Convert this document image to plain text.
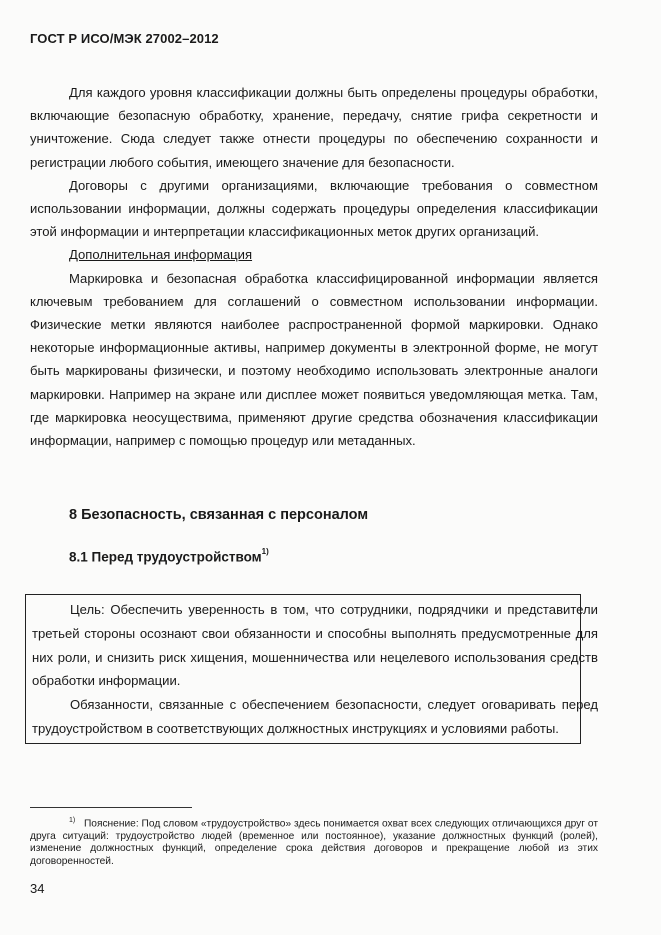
ГОСТ Р ИСО/МЭК 27002–2012

Для каждого уровня классификации должны быть определены процедуры обработки, включающие безопасную обработку, хранение, передачу, снятие грифа секретности и уничтожение. Сюда следует также отнести процедуры по обеспечению сохранности и регистрации любого события, имеющего значение для безопасности.

Договоры с другими организациями, включающие требования о совместном использовании информации, должны содержать процедуры определения классификации этой информации и интерпретации классификационных меток других организаций.

Дополнительная информация

Маркировка и безопасная обработка классифицированной информации является ключевым требованием для соглашений о совместном использовании информации. Физические метки являются наиболее распространенной формой маркировки. Однако некоторые информационные активы, например документы в электронной форме, не могут быть маркированы физически, и поэтому необходимо использовать электронные аналоги маркировки. Например на экране или дисплее может появиться уведомляющая метка. Там, где маркировка неосуществима, применяют другие средства обозначения классификации информации, например с помощью процедур или метаданных.

8 Безопасность, связанная с персоналом
8.1 Перед трудоустройством$^{1)}$

Цель: Обеспечить уверенность в том, что сотрудники, подрядчики и представители третьей стороны осознают свои обязанности и способны выполнять предусмотренные для них роли, и снизить риск хищения, мошенничества или нецелевого использования средств обработки информации.

Обязанности, связанные с обеспечением безопасности, следует оговаривать перед трудоустройством в соответствующих должностных инструкциях и условиями работы.

$^{1)}$ Пояснение: Под словом «трудоустройство» здесь понимается охват всех следующих отличающихся друг от друга ситуаций: трудоустройство людей (временное или постоянное), указание должностных функций (ролей), изменение должностных функций, определение срока действия договоров и прекращение любой из этих договоренностей.

34
